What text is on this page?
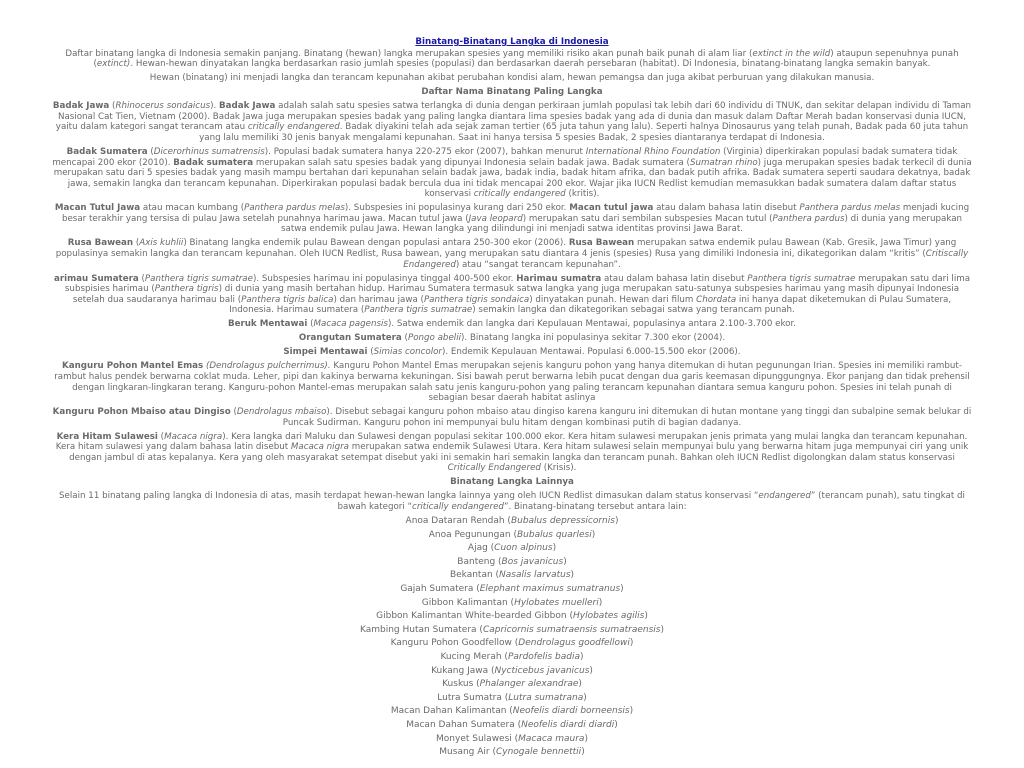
Binatang-Binatang Langka di Indonesia
Daftar binatang langka di Indonesia semakin panjang. Binatang (hewan) langka merupakan spesies yang memiliki risiko akan punah baik punah di alam liar (extinct in the wild) ataupun sepenuhnya punah (extinct). Hewan-hewan dinyatakan langka berdasarkan rasio jumlah spesies (populasi) dan berdasarkan daerah persebaran (habitat). Di Indonesia, binatang-binatang langka semakin banyak.
Hewan (binatang) ini menjadi langka dan terancam kepunahan akibat perubahan kondisi alam, hewan pemangsa dan juga akibat perburuan yang dilakukan manusia.
Daftar Nama Binatang Paling Langka
Badak Jawa (Rhinocerus sondaicus). Badak Jawa adalah salah satu spesies satwa terlangka di dunia dengan perkiraan jumlah populasi tak lebih dari 60 individu di TNUK, dan sekitar delapan individu di Taman Nasional Cat Tien, Vietnam (2000). Badak Jawa juga merupakan spesies badak yang paling langka diantara lima spesies badak yang ada di dunia dan masuk dalam Daftar Merah badan konservasi dunia IUCN, yaitu dalam kategori sangat terancam atau critically endangered. Badak diyakini telah ada sejak zaman tertier (65 juta tahun yang lalu). Seperti halnya Dinosaurus yang telah punah, Badak pada 60 juta tahun yang lalu memiliki 30 jenis banyak mengalami kepunahan. Saat ini hanya tersisa 5 spesies Badak, 2 spesies diantaranya terdapat di Indonesia.
Badak Sumatera (Dicerorhinus sumatrensis). Populasi badak sumatera hanya 220-275 ekor (2007), bahkan menurut International Rhino Foundation (Virginia) diperkirakan populasi badak sumatera tidak mencapai 200 ekor (2010). Badak sumatera merupakan salah satu spesies badak yang dipunyai Indonesia selain badak jawa. Badak sumatera (Sumatran rhino) juga merupakan spesies badak terkecil di dunia merupakan satu dari 5 spesies badak yang masih mampu bertahan dari kepunahan selain badak jawa, badak india, badak hitam afrika, dan badak putih afrika. Badak sumatera seperti saudara dekatnya, badak jawa, semakin langka dan terancam kepunahan. Diperkirakan populasi badak bercula dua ini tidak mencapai 200 ekor. Wajar jika IUCN Redlist kemudian memasukkan badak sumatera dalam daftar status konservasi critically endangered (kritis).
Macan Tutul Jawa atau macan kumbang (Panthera pardus melas). Subspesies ini populasinya kurang dari 250 ekor. Macan tutul jawa atau dalam bahasa latin disebut Panthera pardus melas menjadi kucing besar terakhir yang tersisa di pulau Jawa setelah punahnya harimau jawa. Macan tutul jawa (Java leopard) merupakan satu dari sembilan subspesies Macan tutul (Panthera pardus) di dunia yang merupakan satwa endemik pulau Jawa. Hewan langka yang dilindungi ini menjadi satwa identitas provinsi Jawa Barat.
Rusa Bawean (Axis kuhlii) Binatang langka endemik pulau Bawean dengan populasi antara 250-300 ekor (2006). Rusa Bawean merupakan satwa endemik pulau Bawean (Kab. Gresik, Jawa Timur) yang populasinya semakin langka dan terancam kepunahan. Oleh IUCN Redlist, Rusa bawean, yang merupakan satu diantara 4 jenis (spesies) Rusa yang dimiliki Indonesia ini, dikategorikan dalam “kritis” (Critiscally Endangered) atau “sangat terancam kepunahan”.
arimau Sumatera (Panthera tigris sumatrae). Subspesies harimau ini populasinya tinggal 400-500 ekor. Harimau sumatra atau dalam bahasa latin disebut Panthera tigris sumatrae merupakan satu dari lima subspisies harimau (Panthera tigris) di dunia yang masih bertahan hidup. Harimau Sumatera termasuk satwa langka yang juga merupakan satu-satunya subspesies harimau yang masih dipunyai Indonesia setelah dua saudaranya harimau bali (Panthera tigris balica) dan harimau jawa (Panthera tigris sondaica) dinyatakan punah. Hewan dari filum Chordata ini hanya dapat diketemukan di Pulau Sumatera, Indonesia. Harimau sumatera (Panthera tigris sumatrae) semakin langka dan dikategorikan sebagai satwa yang terancam punah.
Beruk Mentawai (Macaca pagensis). Satwa endemik dan langka dari Kepulauan Mentawai, populasinya antara 2.100-3.700 ekor.
Orangutan Sumatera (Pongo abelii). Binatang langka ini populasinya sekitar 7.300 ekor (2004).
Simpei Mentawai (Simias concolor). Endemik Kepulauan Mentawai. Populasi 6.000-15.500 ekor (2006).
Kanguru Pohon Mantel Emas (Dendrolagus pulcherrimus). Kanguru Pohon Mantel Emas merupakan sejenis kanguru pohon yang hanya ditemukan di hutan pegunungan Irian. Spesies ini memiliki rambut-rambut halus pendek berwarna coklat muda. Leher, pipi dan kakinya berwarna kekuningan. Sisi bawah perut berwarna lebih pucat dengan dua garis keemasan dipunggungnya. Ekor panjang dan tidak prehensil dengan lingkaran-lingkaran terang. Kanguru-pohon Mantel-emas merupakan salah satu jenis kanguru-pohon yang paling terancam kepunahan diantara semua kanguru pohon. Spesies ini telah punah di sebagian besar daerah habitat aslinya
Kanguru Pohon Mbaiso atau Dingiso (Dendrolagus mbaiso). Disebut sebagai kanguru pohon mbaiso atau dingiso karena kanguru ini ditemukan di hutan montane yang tinggi dan subalpine semak belukar di Puncak Sudirman. Kanguru pohon ini mempunyai bulu hitam dengan kombinasi putih di bagian dadanya.
Kera Hitam Sulawesi (Macaca nigra). Kera langka dari Maluku dan Sulawesi dengan populasi sekitar 100.000 ekor. Kera hitam sulawesi merupakan jenis primata yang mulai langka dan terancam kepunahan. Kera hitam sulawesi yang dalam bahasa latin disebut Macaca nigra merupakan satwa endemik Sulawesi Utara. Kera hitam sulawesi selain mempunyai bulu yang berwarna hitam juga mempunyai ciri yang unik dengan jambul di atas kepalanya. Kera yang oleh masyarakat setempat disebut yaki ini semakin hari semakin langka dan terancam punah. Bahkan oleh IUCN Redlist digolongkan dalam status konservasi Critically Endangered (Krisis).
Binatang Langka Lainnya
Selain 11 binatang paling langka di Indonesia di atas, masih terdapat hewan-hewan langka lainnya yang oleh IUCN Redlist dimasukan dalam status konservasi “endangered” (terancam punah), satu tingkat di bawah kategori “critically endangered”. Binatang-binatang tersebut antara lain:
Anoa Dataran Rendah (Bubalus depressicornis)
Anoa Pegunungan (Bubalus quarlesi)
Ajag (Cuon alpinus)
Banteng (Bos javanicus)
Bekantan (Nasalis larvatus)
Gajah Sumatera (Elephant maximus sumatranus)
Gibbon Kalimantan (Hylobates muelleri)
Gibbon Kalimantan White-bearded Gibbon (Hylobates agilis)
Kambing Hutan Sumatera (Capricornis sumatraensis sumatraensis)
Kanguru Pohon Goodfellow (Dendrolagus goodfellowi)
Kucing Merah (Pardofelis badia)
Kukang Jawa (Nycticebus javanicus)
Kuskus (Phalanger alexandrae)
Lutra Sumatra (Lutra sumatrana)
Macan Dahan Kalimantan (Neofelis diardi borneensis)
Macan Dahan Sumatera (Neofelis diardi diardi)
Monyet Sulawesi (Macaca maura)
Musang Air (Cynogale bennettii)
